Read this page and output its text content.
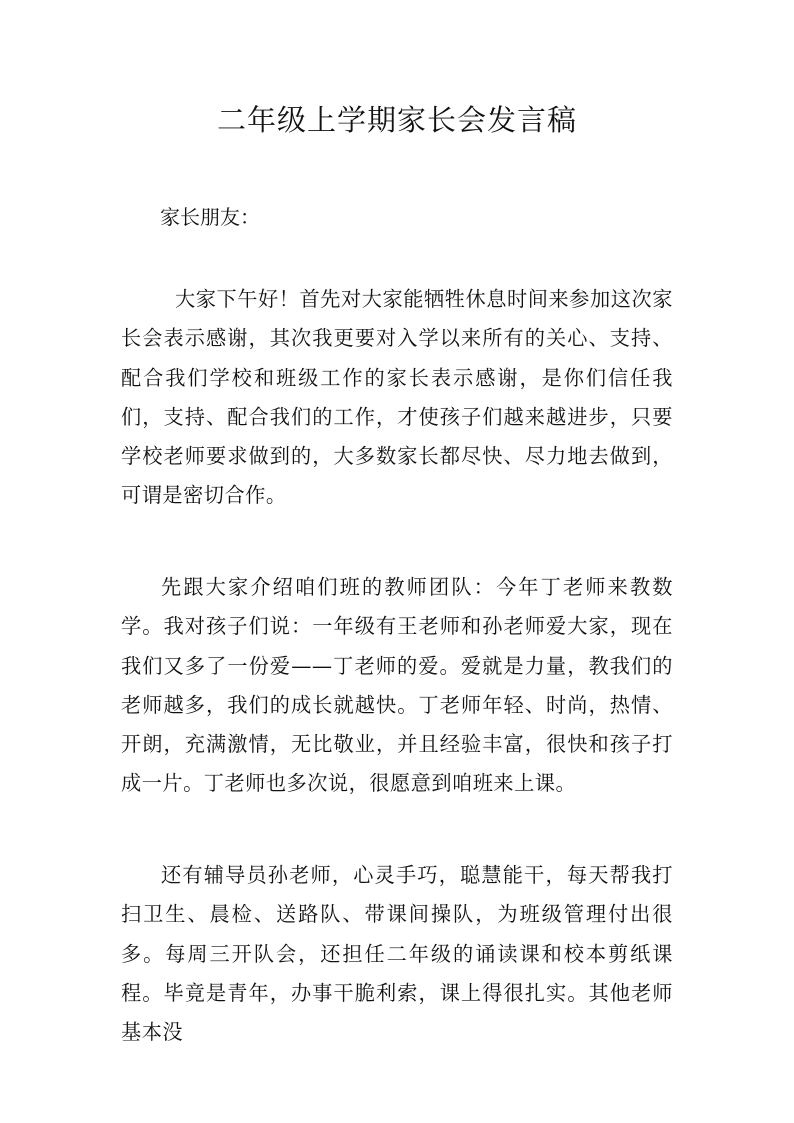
二年级上学期家长会发言稿

家长朋友：

大家下午好！首先对大家能牺牲休息时间来参加这次家长会表示感谢，其次我更要对入学以来所有的关心、支持、配合我们学校和班级工作的家长表示感谢，是你们信任我们，支持、配合我们的工作，才使孩子们越来越进步，只要学校老师要求做到的，大多数家长都尽快、尽力地去做到，可谓是密切合作。

先跟大家介绍咱们班的教师团队：今年丁老师来教数学。我对孩子们说：一年级有王老师和孙老师爱大家，现在我们又多了一份爱——丁老师的爱。爱就是力量，教我们的老师越多，我们的成长就越快。丁老师年轻、时尚，热情、开朗，充满激情，无比敬业，并且经验丰富，很快和孩子打成一片。丁老师也多次说，很愿意到咱班来上课。

还有辅导员孙老师，心灵手巧，聪慧能干，每天帮我打扫卫生、晨检、送路队、带课间操队，为班级管理付出很多。每周三开队会，还担任二年级的诵读课和校本剪纸课程。毕竟是青年，办事干脆利索，课上得很扎实。其他老师基本没
